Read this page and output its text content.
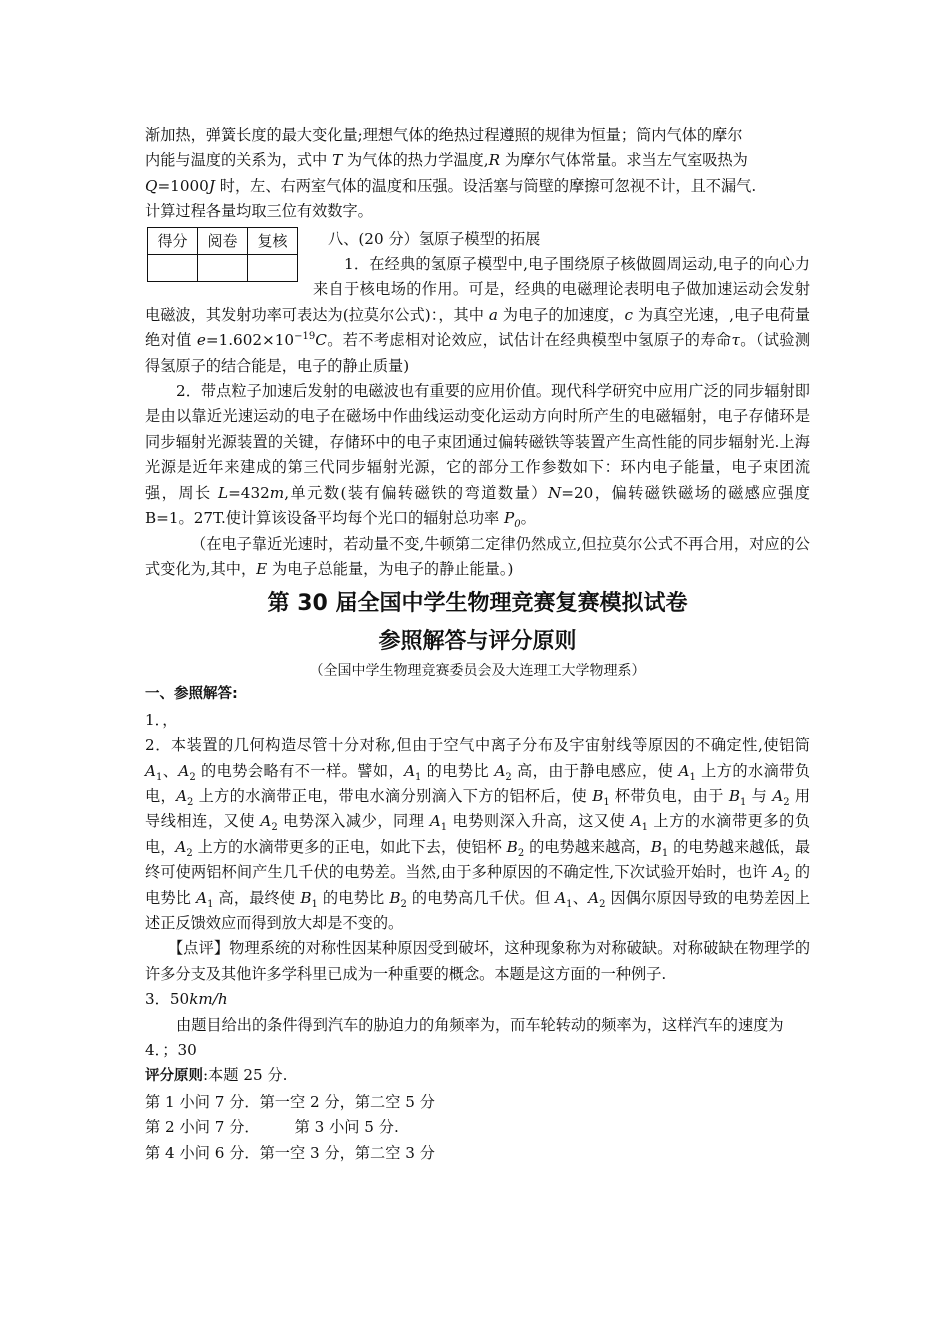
渐加热，弹簧长度的最大变化量;理想气体的绝热过程遵照的规律为恒量；筒内气体的摩尔
内能与温度的关系为，式中 T 为气体的热力学温度,R 为摩尔气体常量。求当左气室吸热为
Q=1000J 时，左、右两室气体的温度和压强。设活塞与筒壁的摩擦可忽视不计，且不漏气.
计算过程各量均取三位有效数字。

得分	阅卷	复核
			八、(20 分）氢原子模型的拓展

1．在经典的氢原子模型中,电子围绕原子核做圆周运动,电子的向心力来自于核电场的作用。可是，经典的电磁理论表明电子做加速运动会发射电磁波，其发射功率可表达为(拉莫尔公式)：，其中 a 为电子的加速度，c 为真空光速，,电子电荷量绝对值 $e=1.602\times 10^{-19}C$。若不考虑相对论效应，试估计在经典模型中氢原子的寿命τ。（试验测得氢原子的结合能是，电子的静止质量)

2．带点粒子加速后发射的电磁波也有重要的应用价值。现代科学研究中应用广泛的同步辐射即是由以靠近光速运动的电子在磁场中作曲线运动变化运动方向时所产生的电磁辐射，电子存储环是同步辐射光源装置的关键，存储环中的电子束团通过偏转磁铁等装置产生高性能的同步辐射光.上海光源是近年来建成的第三代同步辐射光源，它的部分工作参数如下：环内电子能量，电子束团流强，周长 L=432m,单元数(装有偏转磁铁的弯道数量）N=20，偏转磁铁磁场的磁感应强度 B=1。27T.使计算该设备平均每个光口的辐射总功率 $P_0$。

（在电子靠近光速时，若动量不变,牛顿第二定律仍然成立,但拉莫尔公式不再合用，对应的公式变化为,其中，E 为电子总能量，为电子的静止能量。)

第 30 届全国中学生物理竞赛复赛模拟试卷

参照解答与评分原则

（全国中学生物理竞赛委员会及大连理工大学物理系）

一、参照解答:

1．，

2．本装置的几何构造尽管十分对称,但由于空气中离子分布及宇宙射线等原因的不确定性,使铝筒 $A_1$、$A_2$ 的电势会略有不一样。譬如，$A_1$ 的电势比 $A_2$ 高，由于静电感应，使 $A_1$ 上方的水滴带负电，$A_2$ 上方的水滴带正电，带电水滴分别滴入下方的铝杯后，使 $B_1$ 杯带负电，由于 $B_1$ 与 $A_2$ 用导线相连，又使 $A_2$ 电势深入减少，同理 $A_1$ 电势则深入升高，这又使 $A_1$ 上方的水滴带更多的负电，$A_2$ 上方的水滴带更多的正电，如此下去，使铝杯 $B_2$ 的电势越来越高，$B_1$ 的电势越来越低，最终可使两铝杯间产生几千伏的电势差。当然,由于多种原因的不确定性,下次试验开始时，也许 $A_2$ 的电势比 $A_1$ 高，最终使 $B_1$ 的电势比 $B_2$ 的电势高几千伏。但 $A_1$、$A_2$ 因偶尔原因导致的电势差因上述正反馈效应而得到放大却是不变的。

【点评】物理系统的对称性因某种原因受到破坏，这种现象称为对称破缺。对称破缺在物理学的许多分支及其他许多学科里已成为一种重要的概念。本题是这方面的一种例子.

3．50km/h

由题目给出的条件得到汽车的胁迫力的角频率为，而车轮转动的频率为，这样汽车的速度为

4．；30

评分原则:本题 25 分.

第 1 小问 7 分．第一空 2 分，第二空 5 分

第 2 小问 7 分． 第 3 小问 5 分.

第 4 小问 6 分．第一空 3 分，第二空 3 分
